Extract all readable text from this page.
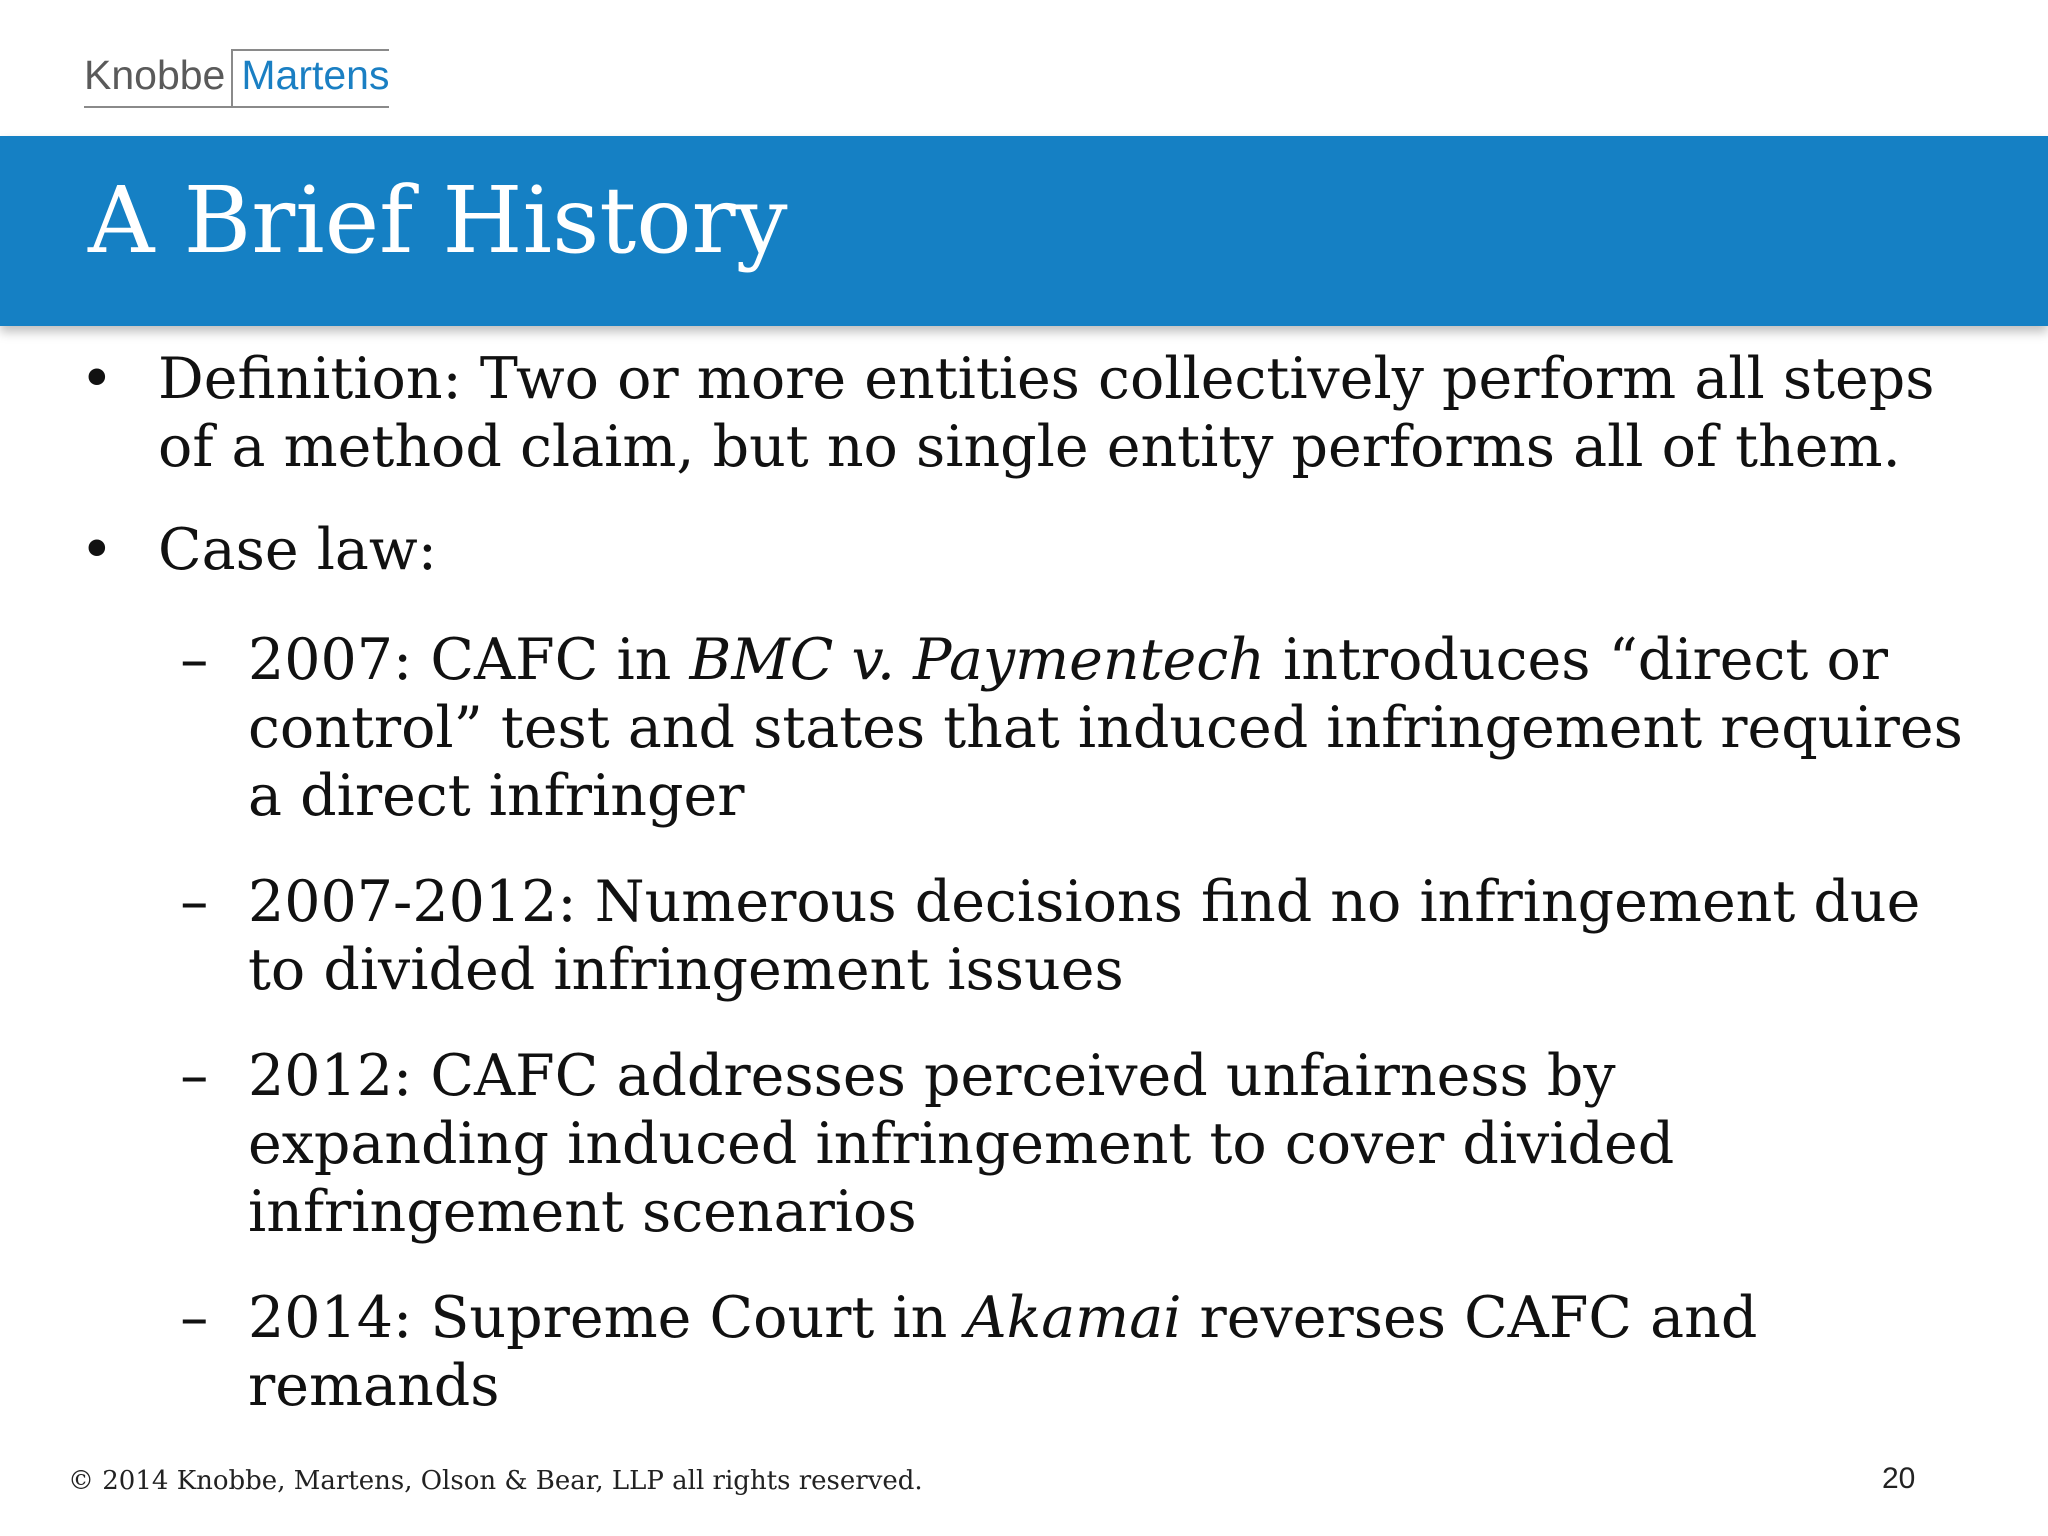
Knobbe Martens
A Brief History
• Definition: Two or more entities collectively perform all steps
of a method claim, but no single entity performs all of them.
• Case law:
– 2007: CAFC in BMC v. Paymentech introduces “direct or
control” test and states that induced infringement requires
a direct infringer
– 2007-2012: Numerous decisions find no infringement due
to divided infringement issues
– 2012: CAFC addresses perceived unfairness by
expanding induced infringement to cover divided
infringement scenarios
– 2014: Supreme Court in Akamai reverses CAFC and
remands
© 2014 Knobbe, Martens, Olson & Bear, LLP all rights reserved.	20
